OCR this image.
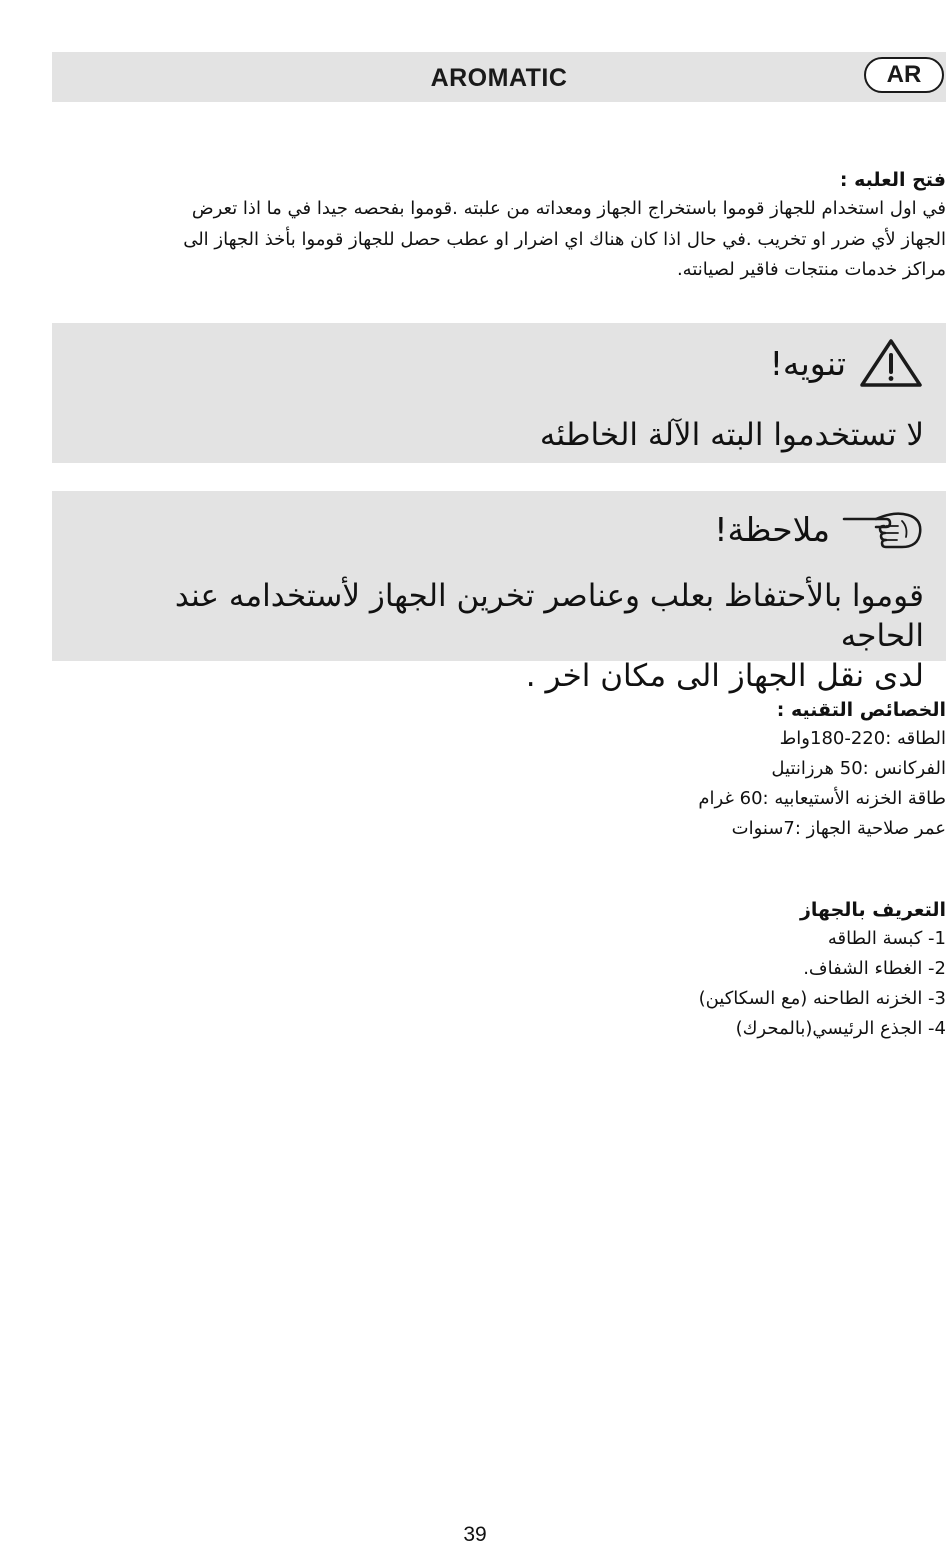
AROMATIC	AR

فتح العلبه :

في اول استخدام للجهاز قوموا باستخراج الجهاز ومعداته من علبته .قوموا بفحصه جيدا في ما اذا تعرض

الجهاز لأي ضرر او تخريب .في حال اذا كان هناك اي اضرار او عطب حصل للجهاز قوموا بأخذ الجهاز الى

مراكز خدمات منتجات فاقير لصيانته.

تنويه!
لا تستخدموا البته الآلة الخاطئه
ملاحظة!
قوموا بالأحتفاظ بعلب وعناصر تخرين الجهاز لأستخدامه عند الحاجه
لدى نقل الجهاز الى مكان اخر .

الخصائص التقنيه :

الطاقه :220-180واط

الفركانس :50 هرزانتيل

طاقة الخزنه الأستيعابيه :60 غرام

عمر صلاحية الجهاز :7سنوات

التعريف بالجهاز

1- كبسة الطاقه

2- الغطاء الشفاف.

3- الخزنه الطاحنه (مع السكاكين)

4- الجذع الرئيسي(بالمحرك)

39
